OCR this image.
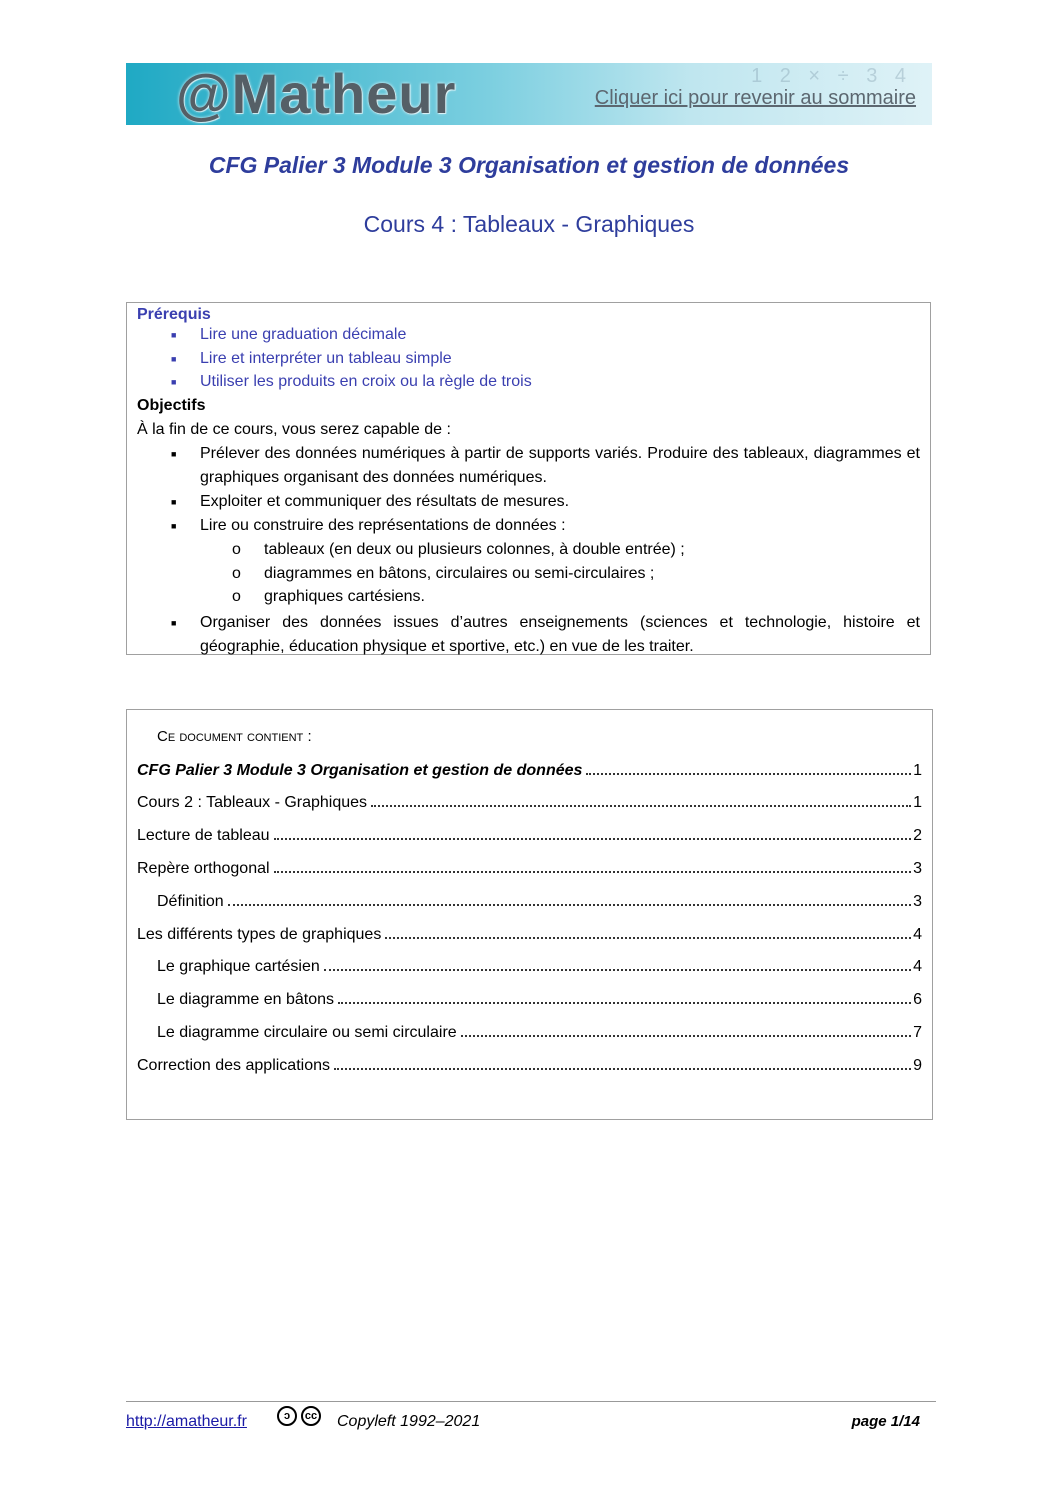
1 2 × ÷ 3 4
@Matheur	Cliquer ici pour revenir au sommaire
CFG Palier 3 Module 3 Organisation et gestion de données
Cours 4 : Tableaux - Graphiques
Prérequis
■ Lire une graduation décimale
■ Lire et interpréter un tableau simple
■ Utiliser les produits en croix ou la règle de trois
Objectifs
À la fin de ce cours, vous serez capable de :
■ Prélever des données numériques à partir de supports variés. Produire des tableaux, diagrammes et graphiques organisant des données numériques.
■ Exploiter et communiquer des résultats de mesures.
■ Lire ou construire des représentations de données :
o tableaux (en deux ou plusieurs colonnes, à double entrée) ;
o diagrammes en bâtons, circulaires ou semi-circulaires ;
o graphiques cartésiens.
■ Organiser des données issues d’autres enseignements (sciences et technologie, histoire et géographie, éducation physique et sportive, etc.) en vue de les traiter.
Ce document contient :
CFG Palier 3 Module 3 Organisation et gestion de données	1
Cours 2 : Tableaux - Graphiques	1
Lecture de tableau	2
Repère orthogonal	3
Définition	3
Les différents types de graphiques	4
Le graphique cartésien	4
Le diagramme en bâtons	6
Le diagramme circulaire ou semi circulaire	7
Correction des applications	9
http://amatheur.fr	ↄ	cc Copyleft 1992–2021	page 1/14
